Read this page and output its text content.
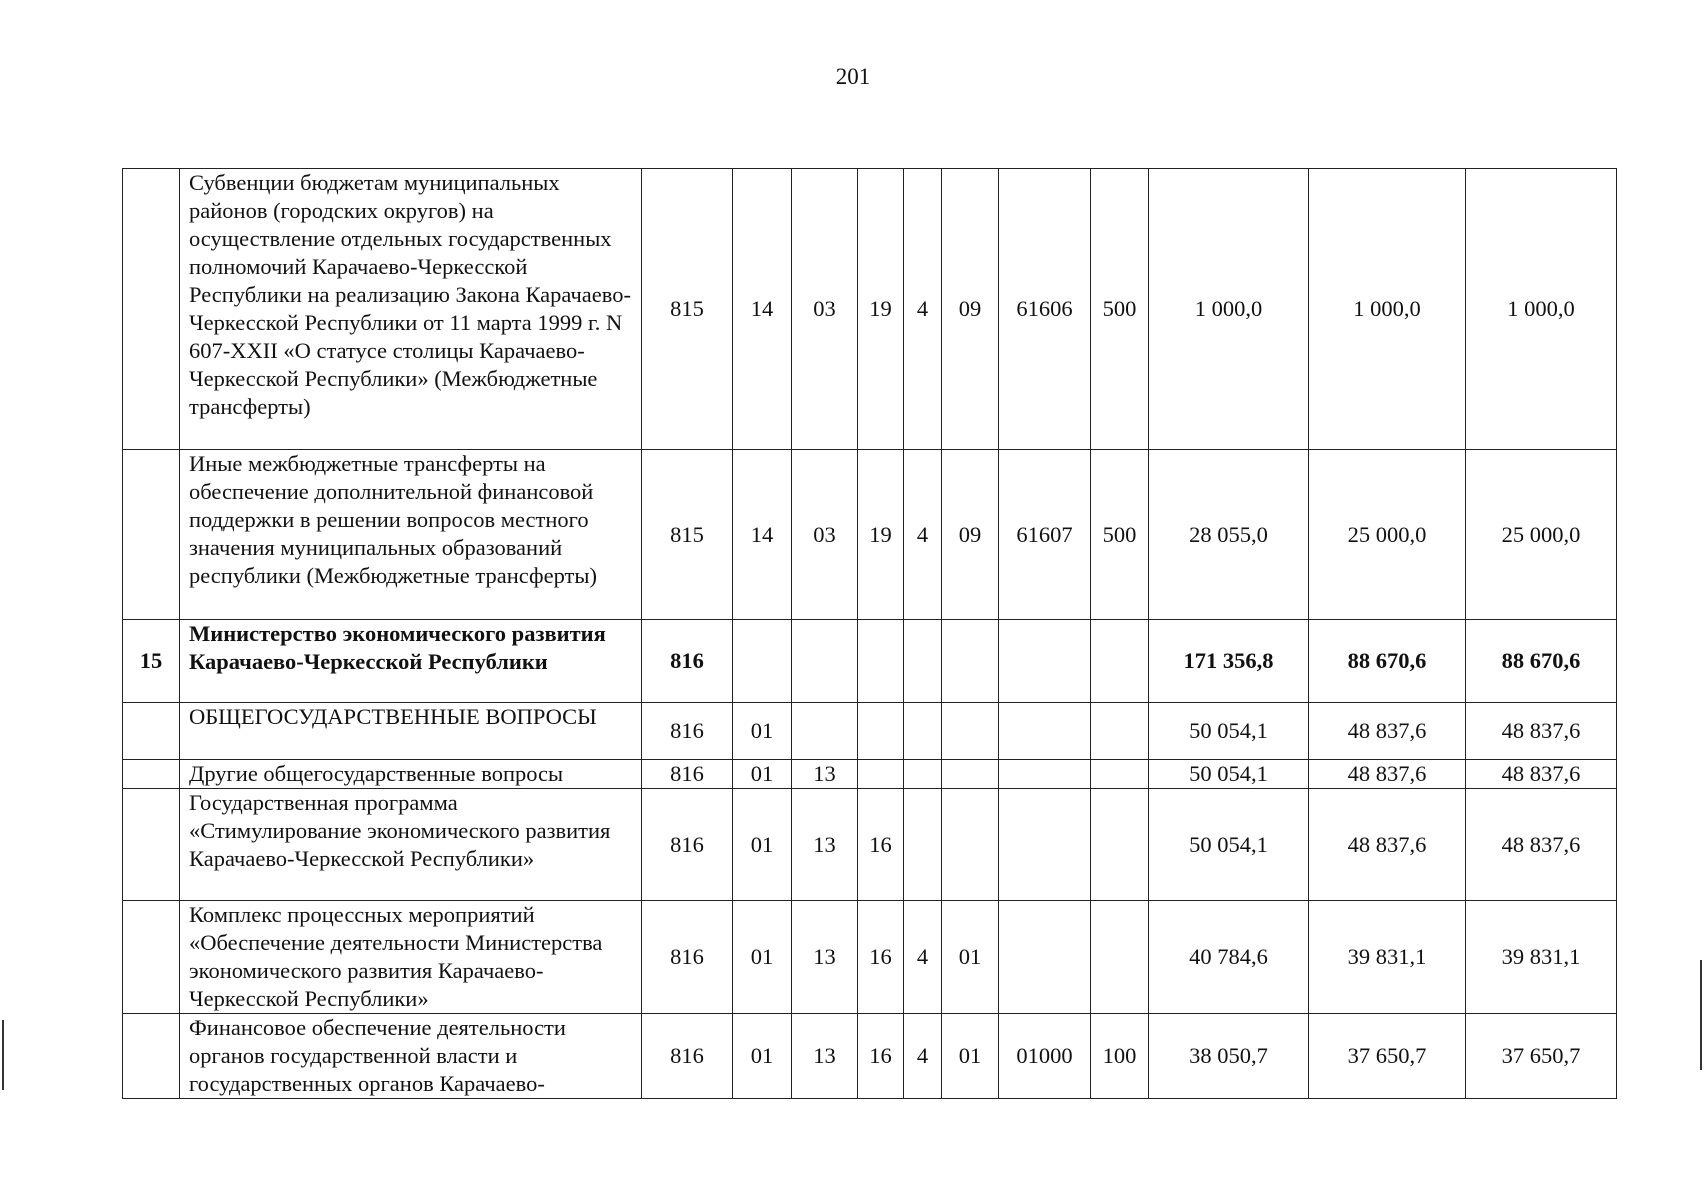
201
	Субвенции бюджетам муниципальных районов (городских округов) на осуществление отдельных государственных полномочий Карачаево-Черкесской Республики на реализацию Закона Карачаево-Черкесской Республики от 11 марта 1999 г. N 607-XXII «О статусе столицы Карачаево-Черкесской Республики» (Межбюджетные трансферты)	815	14	03	19	4	09	61606	500	1 000,0	1 000,0	1 000,0
	Иные межбюджетные трансферты на обеспечение дополнительной финансовой поддержки в решении вопросов местного значения муниципальных образований республики (Межбюджетные трансферты)	815	14	03	19	4	09	61607	500	28 055,0	25 000,0	25 000,0
15	Министерство экономического развития Карачаево-Черкесской Республики	816								171 356,8	88 670,6	88 670,6
	ОБЩЕГОСУДАРСТВЕННЫЕ ВОПРОСЫ	816	01							50 054,1	48 837,6	48 837,6
	Другие общегосударственные вопросы	816	01	13						50 054,1	48 837,6	48 837,6
	Государственная программа «Стимулирование экономического развития Карачаево-Черкесской Республики»	816	01	13	16					50 054,1	48 837,6	48 837,6
	Комплекс процессных мероприятий «Обеспечение деятельности Министерства экономического развития Карачаево-Черкесской Республики»	816	01	13	16	4	01			40 784,6	39 831,1	39 831,1
	Финансовое обеспечение деятельности органов государственной власти и государственных органов Карачаево-	816	01	13	16	4	01	01000	100	38 050,7	37 650,7	37 650,7
